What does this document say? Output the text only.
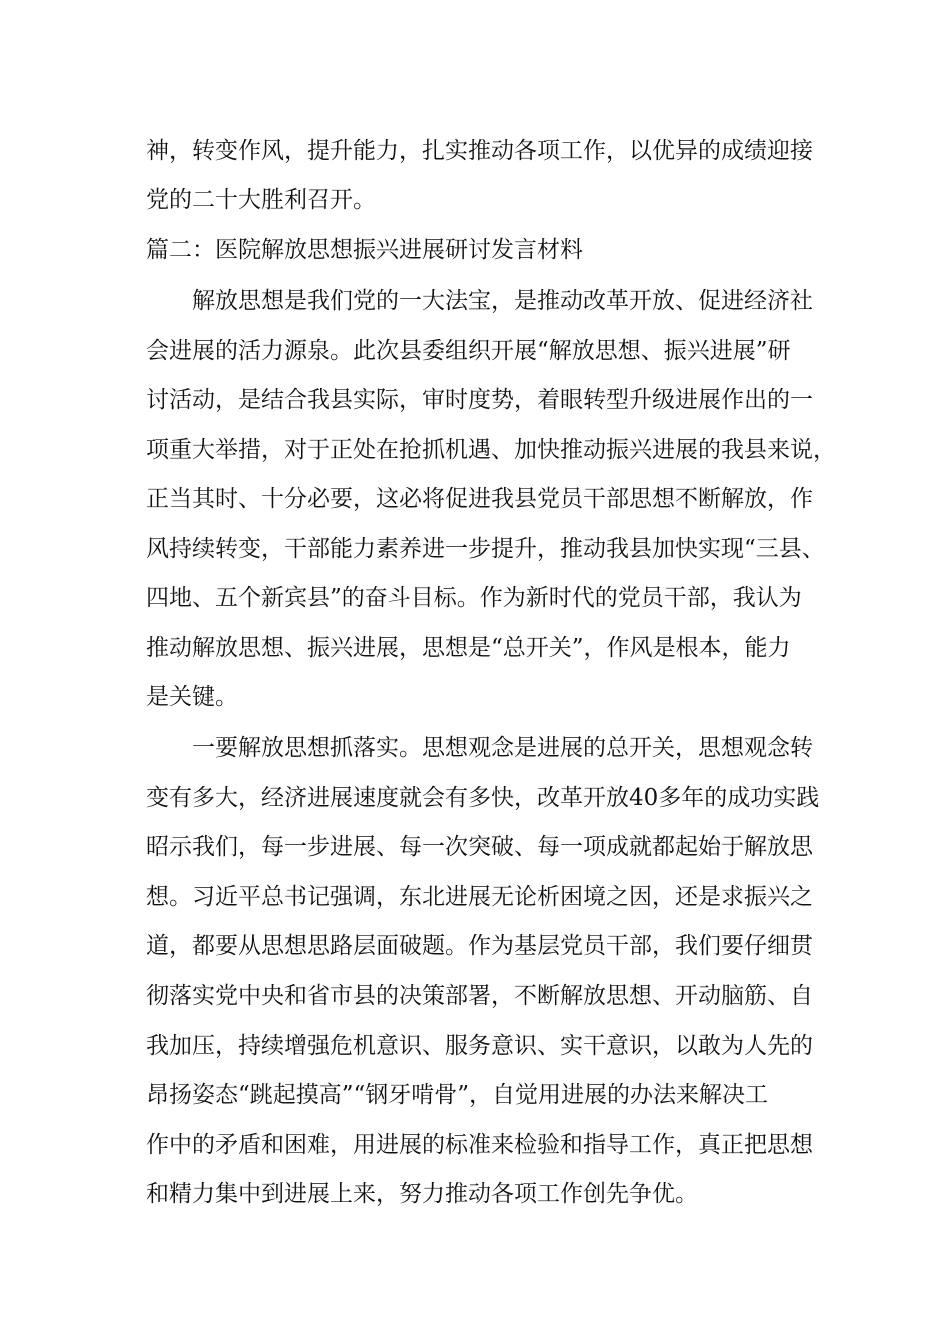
神，转变作风，提升能力，扎实推动各项工作，以优异的成绩迎接
党的二十大胜利召开。
篇二：医院解放思想振兴进展研讨发言材料
　　解放思想是我们党的一大法宝，是推动改革开放、促进经济社
会进展的活力源泉。此次县委组织开展“解放思想、振兴进展”研
讨活动，是结合我县实际，审时度势，着眼转型升级进展作出的一
项重大举措，对于正处在抢抓机遇、加快推动振兴进展的我县来说，
正当其时、十分必要，这必将促进我县党员干部思想不断解放，作
风持续转变，干部能力素养进一步提升，推动我县加快实现“三县、
四地、五个新宾县”的奋斗目标。作为新时代的党员干部，我认为
推动解放思想、振兴进展，思想是“总开关”，作风是根本，能力
是关键。
　　一要解放思想抓落实。思想观念是进展的总开关，思想观念转
变有多大，经济进展速度就会有多快，改革开放40多年的成功实践
昭示我们，每一步进展、每一次突破、每一项成就都起始于解放思
想。习近平总书记强调，东北进展无论析困境之因，还是求振兴之
道，都要从思想思路层面破题。作为基层党员干部，我们要仔细贯
彻落实党中央和省市县的决策部署，不断解放思想、开动脑筋、自
我加压，持续增强危机意识、服务意识、实干意识，以敢为人先的
昂扬姿态“跳起摸高”“钢牙啃骨”，自觉用进展的办法来解决工
作中的矛盾和困难，用进展的标准来检验和指导工作，真正把思想
和精力集中到进展上来，努力推动各项工作创先争优。
